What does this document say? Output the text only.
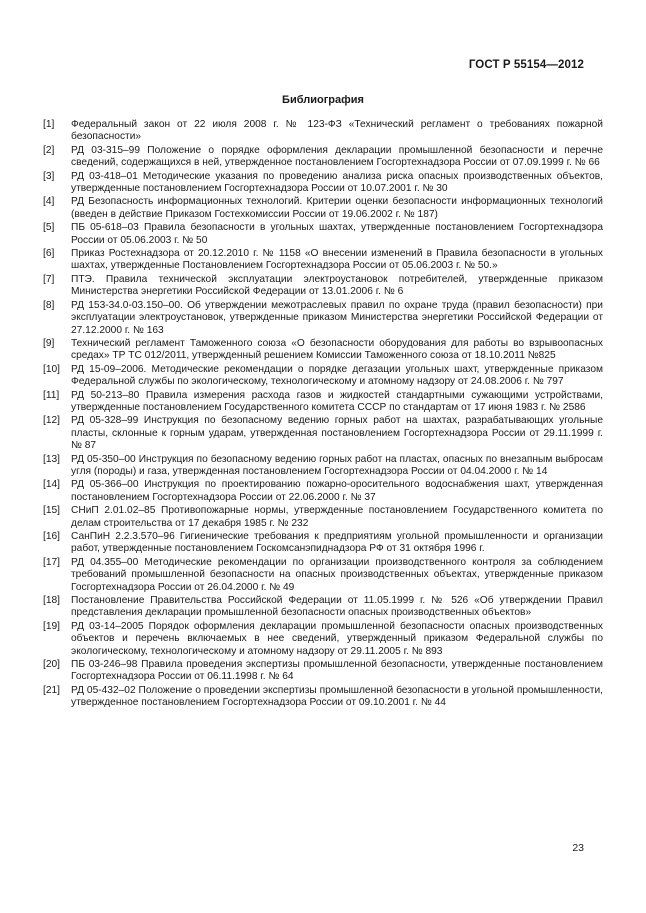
ГОСТ Р 55154—2012
Библиография
[1]	Федеральный закон от 22 июля 2008 г. № 123-ФЗ «Технический регламент о требованиях пожарной безопасности»
[2]	РД 03-315–99 Положение о порядке оформления декларации промышленной безопасности и перечне сведений, содержащихся в ней, утвержденное постановлением Госгортехнадзора России от 07.09.1999 г. № 66
[3]	РД 03-418–01 Методические указания по проведению анализа риска опасных производственных объектов, утвержденные постановлением Госгортехнадзора России от 10.07.2001 г. № 30
[4]	РД Безопасность информационных технологий. Критерии оценки безопасности информационных технологий (введен в действие Приказом Гостехкомиссии России от 19.06.2002 г. № 187)
[5]	ПБ 05-618–03 Правила безопасности в угольных шахтах, утвержденные постановлением Госгортехнадзора России от 05.06.2003 г. № 50
[6]	Приказ Ростехнадзора от 20.12.2010 г. № 1158 «О внесении изменений в Правила безопасности в угольных шахтах, утвержденные Постановлением Госгортехнадзора России от 05.06.2003 г. № 50.»
[7]	ПТЭ. Правила технической эксплуатации электроустановок потребителей, утвержденные приказом Министерства энергетики Российской Федерации от 13.01.2006 г. № 6
[8]	РД 153-34.0-03.150–00. Об утверждении межотраслевых правил по охране труда (правил безопасности) при эксплуатации электроустановок, утвержденные приказом Министерства энергетики Российской Федерации от 27.12.2000 г. № 163
[9]	Технический регламент Таможенного союза «О безопасности оборудования для работы во взрывоопасных средах» ТР ТС 012/2011, утвержденный решением Комиссии Таможенного союза от 18.10.2011 №825
[10]	РД 15-09–2006. Методические рекомендации о порядке дегазации угольных шахт, утвержденные приказом Федеральной службы по экологическому, технологическому и атомному надзору от 24.08.2006 г. № 797
[11]	РД 50-213–80 Правила измерения расхода газов и жидкостей стандартными сужающими устройствами, утвержденные постановлением Государственного комитета СССР по стандартам от 17 июня 1983 г. № 2586
[12]	РД 05-328–99 Инструкция по безопасному ведению горных работ на шахтах, разрабатывающих угольные пласты, склонные к горным ударам, утвержденная постановлением Госгортехнадзора России от 29.11.1999 г. № 87
[13]	РД 05-350–00 Инструкция по безопасному ведению горных работ на пластах, опасных по внезапным выбросам угля (породы) и газа, утвержденная постановлением Госгортехнадзора России от 04.04.2000 г. № 14
[14]	РД 05-366–00 Инструкция по проектированию пожарно-оросительного водоснабжения шахт, утвержденная постановлением Госгортехнадзора России от 22.06.2000 г. № 37
[15]	СНиП 2.01.02–85 Противопожарные нормы, утвержденные постановлением Государственного комитета по делам строительства от 17 декабря 1985 г. № 232
[16]	СанПиН 2.2.3.570–96 Гигиенические требования к предприятиям угольной промышленности и организации работ, утвержденные постановлением Госкомсанэпиднадзора РФ от 31 октября 1996 г.
[17]	РД 04.355–00 Методические рекомендации по организации производственного контроля за соблюдением требований промышленной безопасности на опасных производственных объектах, утвержденные приказом Госгортехнадзора России от 26.04.2000 г. № 49
[18]	Постановление Правительства Российской Федерации от 11.05.1999 г. № 526 «Об утверждении Правил представления декларации промышленной безопасности опасных производственных объектов»
[19]	РД 03-14–2005 Порядок оформления декларации промышленной безопасности опасных производственных объектов и перечень включаемых в нее сведений, утвержденный приказом Федеральной службы по экологическому, технологическому и атомному надзору от 29.11.2005 г. № 893
[20]	ПБ 03-246–98 Правила проведения экспертизы промышленной безопасности, утвержденные постановлением Госгортехнадзора России от 06.11.1998 г. № 64
[21]	РД 05-432–02 Положение о проведении экспертизы промышленной безопасности в угольной промышленности, утвержденное постановлением Госгортехнадзора России от 09.10.2001 г. № 44
23
